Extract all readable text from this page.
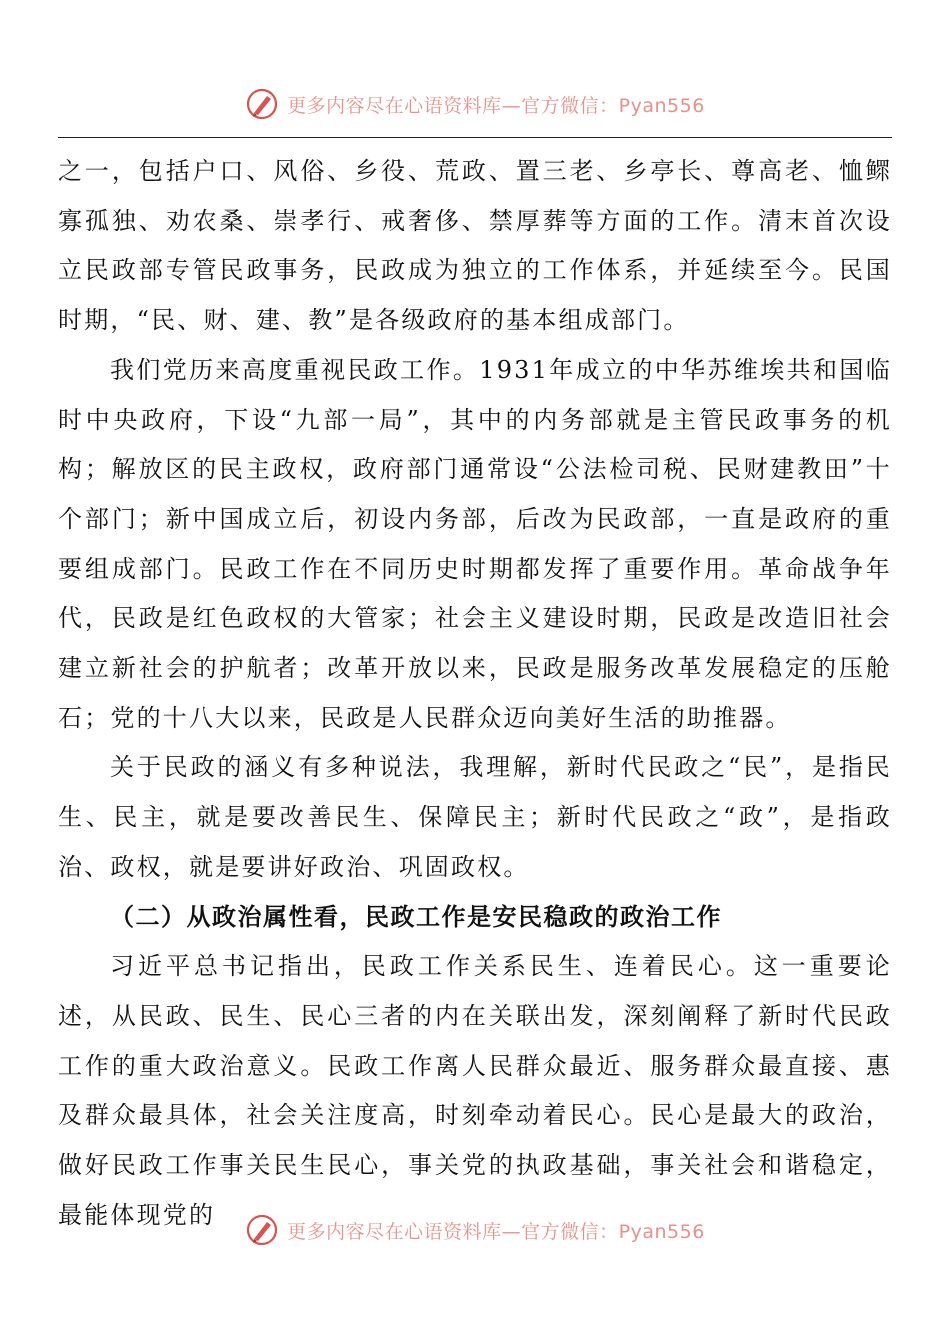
更多内容尽在心语资料库—官方微信：Pyan556

之一，包括户口、风俗、乡役、荒政、置三老、乡亭长、尊高老、恤鳏寡孤独、劝农桑、崇孝行、戒奢侈、禁厚葬等方面的工作。清末首次设立民政部专管民政事务，民政成为独立的工作体系，并延续至今。民国时期，“民、财、建、教”是各级政府的基本组成部门。

我们党历来高度重视民政工作。1931年成立的中华苏维埃共和国临时中央政府，下设“九部一局”，其中的内务部就是主管民政事务的机构；解放区的民主政权，政府部门通常设“公法检司税、民财建教田”十个部门；新中国成立后，初设内务部，后改为民政部，一直是政府的重要组成部门。民政工作在不同历史时期都发挥了重要作用。革命战争年代，民政是红色政权的大管家；社会主义建设时期，民政是改造旧社会建立新社会的护航者；改革开放以来，民政是服务改革发展稳定的压舱石；党的十八大以来，民政是人民群众迈向美好生活的助推器。

关于民政的涵义有多种说法，我理解，新时代民政之“民”，是指民生、民主，就是要改善民生、保障民主；新时代民政之“政”，是指政治、政权，就是要讲好政治、巩固政权。

（二）从政治属性看，民政工作是安民稳政的政治工作

习近平总书记指出，民政工作关系民生、连着民心。这一重要论述，从民政、民生、民心三者的内在关联出发，深刻阐释了新时代民政工作的重大政治意义。民政工作离人民群众最近、服务群众最直接、惠及群众最具体，社会关注度高，时刻牵动着民心。民心是最大的政治，做好民政工作事关民生民心，事关党的执政基础，事关社会和谐稳定，最能体现党的

更多内容尽在心语资料库—官方微信：Pyan556
